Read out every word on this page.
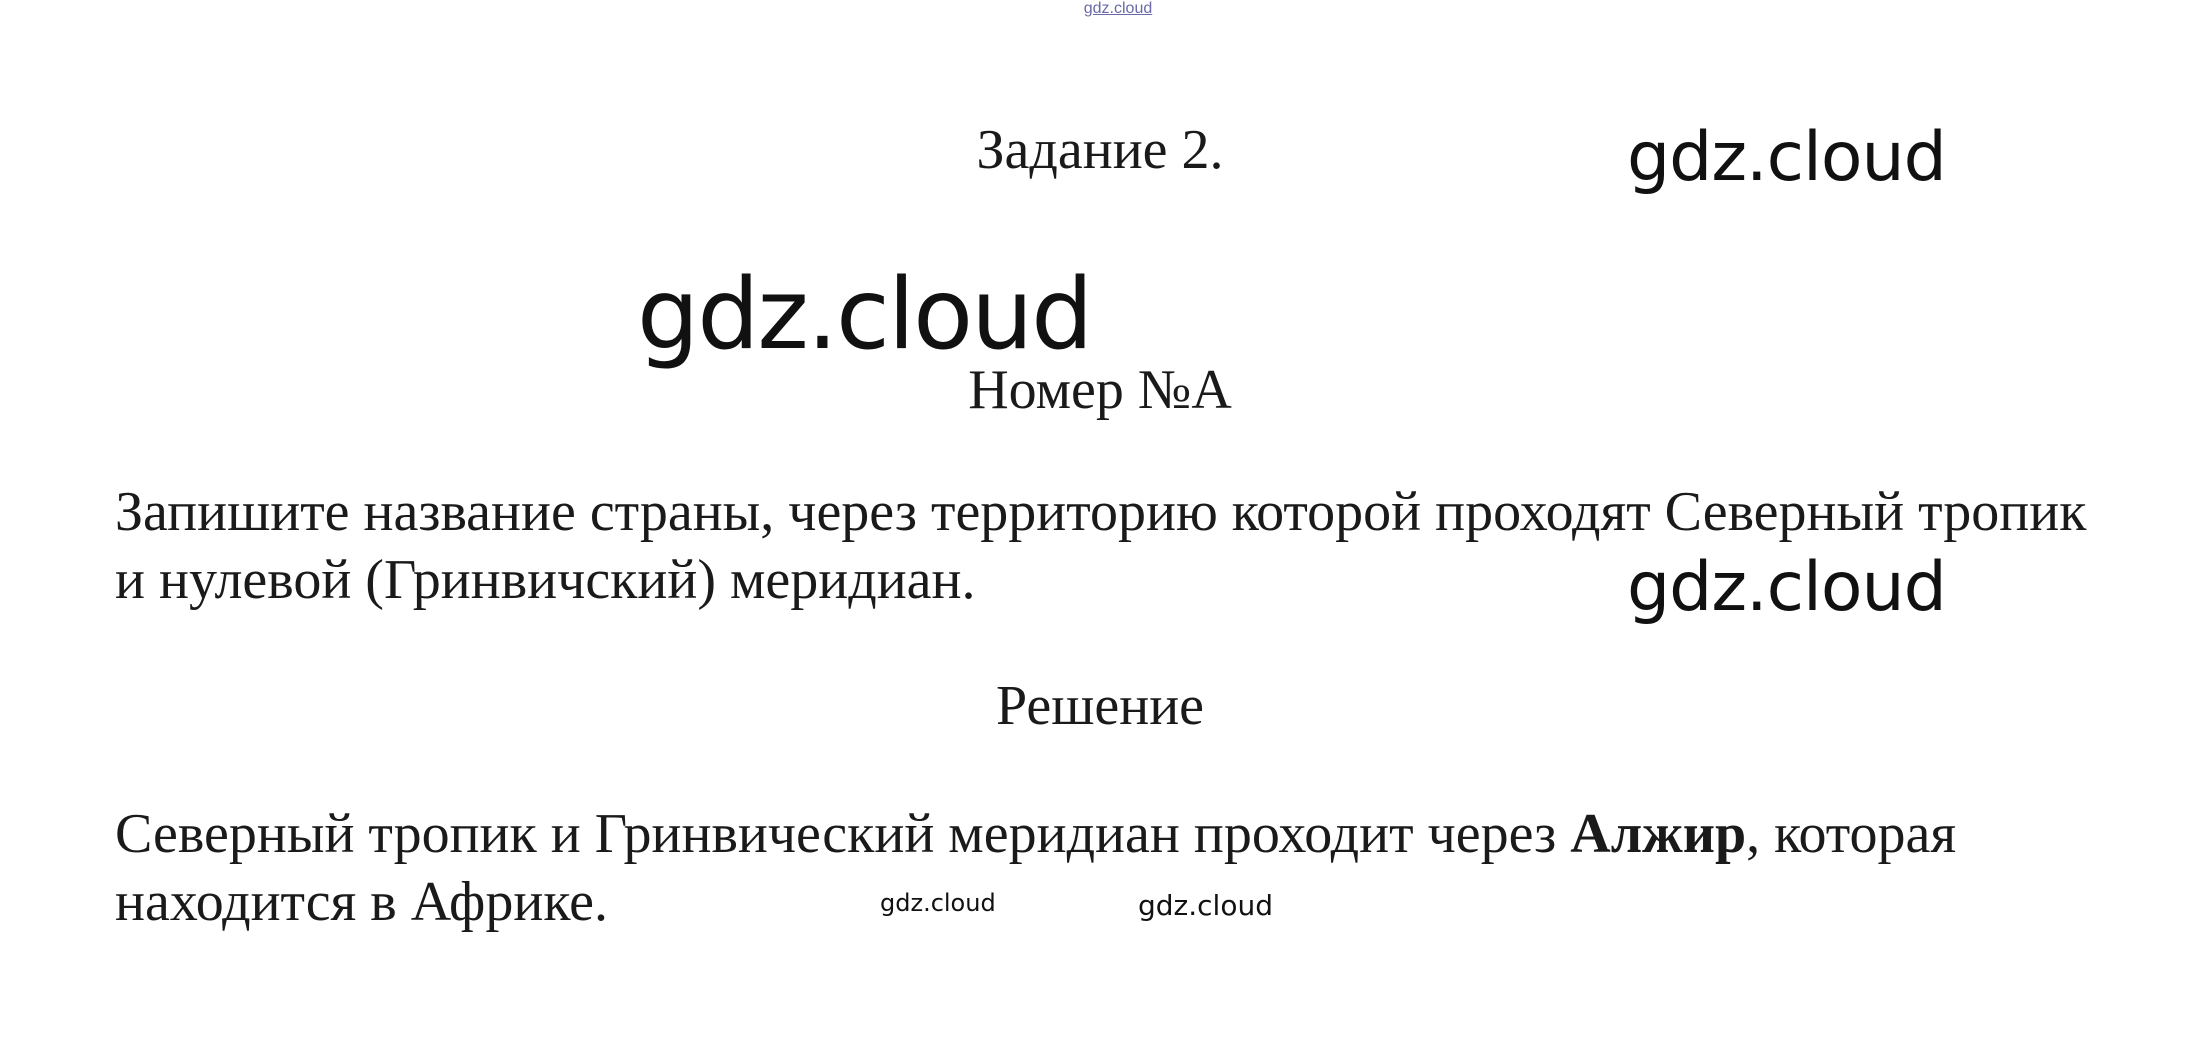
gdz.cloud
Задание 2.	gdz.cloud
gdz.cloud
Номер №А
Запишите название страны, через территорию которой проходят Северный тропик и нулевой (Гринвичский) меридиан.	gdz.cloud
Решение
Северный тропик и Гринвический меридиан проходит через Алжир, которая находится в Африке.	gdz.cloud	gdz.cloud
